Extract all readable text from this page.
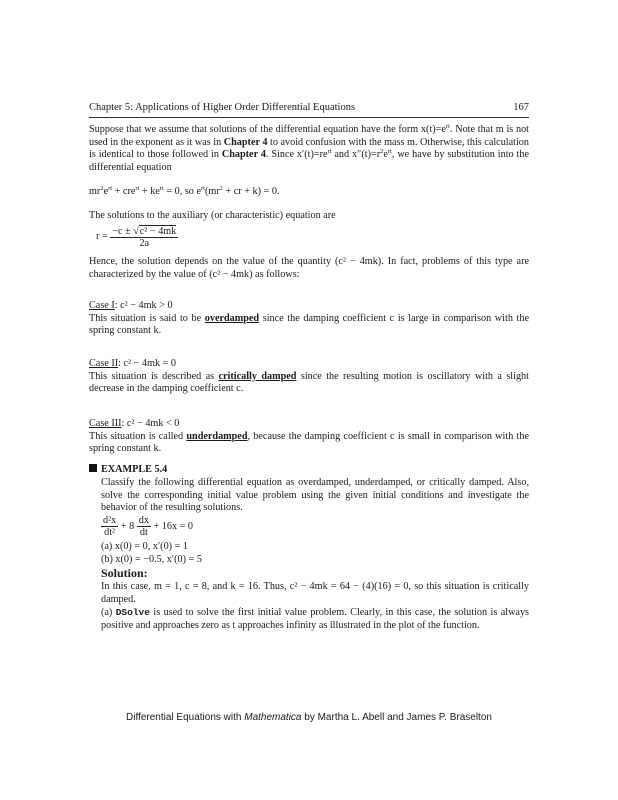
Chapter 5: Applications of Higher Order Differential Equations	167
Suppose that we assume that solutions of the differential equation have the form $x(t)=e^{rt}$. Note that m is not used in the exponent as it was in Chapter 4 to avoid confusion with the mass m. Otherwise, this calculation is identical to those followed in Chapter 4. Since $x'(t)=re^{rt}$ and $x''(t)=r^2e^{rt}$, we have by substitution into the differential equation
$mr^2e^{rt} + cre^{rt} + ke^{rt} = 0$, so $e^{rt}(mr^2$ + cr + k) = 0.
The solutions to the auxiliary (or characteristic) equation are
$r = \frac{\text{−c ± √c² − 4mk}}{2a}$
Hence, the solution depends on the value of the quantity (c² − 4mk). In fact, problems of this type are characterized by the value of (c² − 4mk) as follows:
Case I: c² − 4mk > 0
This situation is said to be overdamped since the damping coefficient c is large in comparison with the spring constant k.
Case II: c² − 4mk = 0
This situation is described as critically damped since the resulting motion is oscillatory with a slight decrease in the damping coefficient c.
Case III: c² − 4mk < 0
This situation is called underdamped, because the damping coefficient c is small in comparison with the spring constant k.
EXAMPLE 5.4
Classify the following differential equation as overdamped, underdamped, or critically damped. Also, solve the corresponding initial value problem using the given initial conditions and investigate the behavior of the resulting solutions.
$\frac{\text{d²x}}{\text{dt²}} + 8 \frac{dx}{dt} + 16x = 0$
(a) x(0) = 0, x′(0) = 1
(b) x(0) = −0.5, x′(0) = 5
Solution:
In this case, m = 1, c = 8, and k = 16. Thus, c² − 4mk = 64 − (4)(16) = 0, so this situation is critically damped.
(a) DSolve is used to solve the first initial value problem. Clearly, in this case, the solution is always positive and approaches zero as t approaches infinity as illustrated in the plot of the function.
Differential Equations with Mathematica by Martha L. Abell and James P. Braselton
